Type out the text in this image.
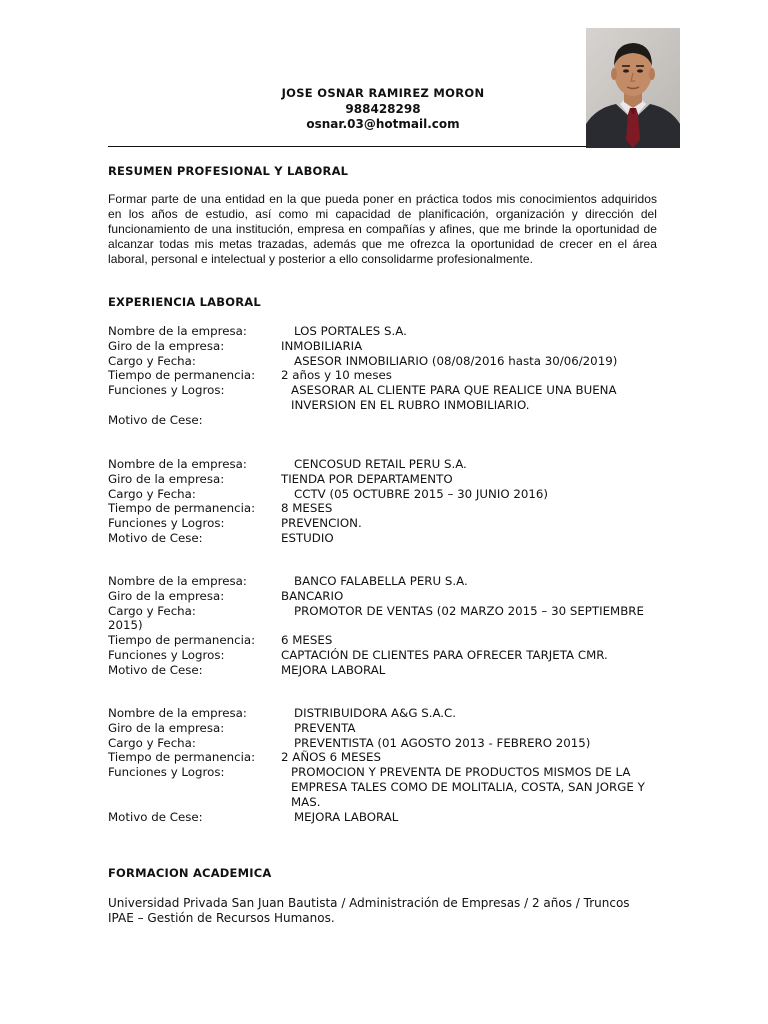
JOSE OSNAR RAMIREZ MORON
988428298
osnar.03@hotmail.com
RESUMEN PROFESIONAL Y LABORAL
Formar parte de una entidad en la que pueda poner en práctica todos mis conocimientos adquiridos en los años de estudio, así como mi capacidad de planificación, organización y dirección del funcionamiento de una institución, empresa en compañías y afines, que me brinde la oportunidad de alcanzar todas mis metas trazadas, además que me ofrezca la oportunidad de crecer en el área laboral, personal e intelectual y posterior a ello consolidarme profesionalmente.
EXPERIENCIA LABORAL
Nombre de la empresa:	LOS PORTALES S.A.
Giro de la empresa:	INMOBILIARIA
Cargo y Fecha:	ASESOR INMOBILIARIO (08/08/2016 hasta 30/06/2019)
Tiempo de permanencia:	2 años y 10 meses
Funciones y Logros:	ASESORAR AL CLIENTE PARA QUE REALICE UNA BUENA INVERSION EN EL RUBRO INMOBILIARIO.
Motivo de Cese:
Nombre de la empresa:	CENCOSUD RETAIL PERU S.A.
Giro de la empresa:	TIENDA POR DEPARTAMENTO
Cargo y Fecha:	CCTV (05 OCTUBRE 2015 – 30 JUNIO 2016)
Tiempo de permanencia:	8 MESES
Funciones y Logros:	PREVENCION.
Motivo de Cese:	ESTUDIO
Nombre de la empresa:	BANCO FALABELLA PERU S.A.
Giro de la empresa:	BANCARIO
Cargo y Fecha:	PROMOTOR DE VENTAS (02 MARZO 2015 – 30 SEPTIEMBRE
2015)
Tiempo de permanencia:	6 MESES
Funciones y Logros:	CAPTACIÓN DE CLIENTES PARA OFRECER TARJETA CMR.
Motivo de Cese:	MEJORA LABORAL
Nombre de la empresa:	DISTRIBUIDORA A&G S.A.C.
Giro de la empresa:	PREVENTA
Cargo y Fecha:	PREVENTISTA (01 AGOSTO 2013 - FEBRERO 2015)
Tiempo de permanencia:	2 AÑOS 6 MESES
Funciones y Logros:	PROMOCION Y PREVENTA DE PRODUCTOS MISMOS DE LA EMPRESA TALES COMO DE MOLITALIA, COSTA, SAN JORGE Y MAS.
Motivo de Cese:	MEJORA LABORAL
FORMACION ACADEMICA
Universidad Privada San Juan Bautista / Administración de Empresas / 2 años / Truncos
IPAE – Gestión de Recursos Humanos.
